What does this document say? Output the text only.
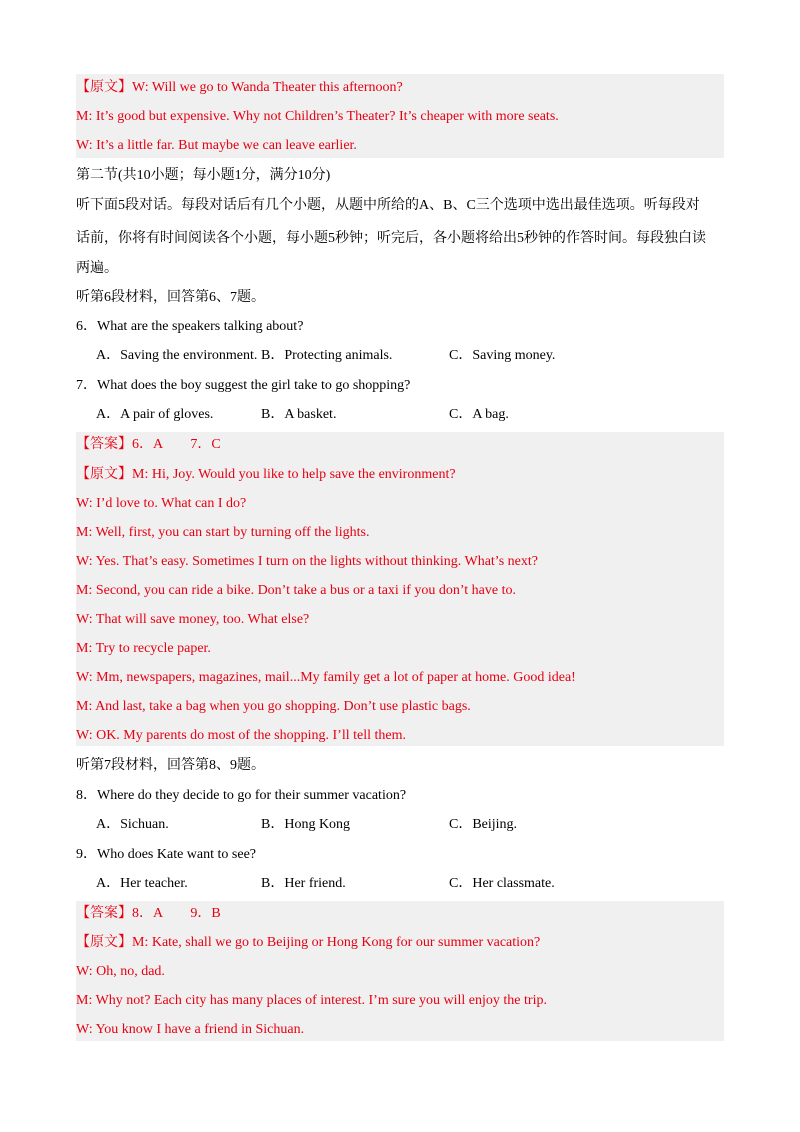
【原文】W: Will we go to Wanda Theater this afternoon?
M: It’s good but expensive. Why not Children’s Theater? It’s cheaper with more seats.
W: It’s a little far. But maybe we can leave earlier.
第二节(共10小题；每小题1分，满分10分)
听下面5段对话。每段对话后有几个小题，从题中所给的A、B、C三个选项中选出最佳选项。听每段对
话前，你将有时间阅读各个小题，每小题5秒钟；听完后，各小题将给出5秒钟的作答时间。每段独白读
两遍。
听第6段材料，回答第6、7题。
6．What are the speakers talking about?
A．Saving the environment. B．Protecting animals.	C．Saving money.
7．What does the boy suggest the girl take to go shopping?
A．A pair of gloves.	B．A basket.	C．A bag.
【答案】6．A　　7．C
【原文】M: Hi, Joy. Would you like to help save the environment?
W: I’d love to. What can I do?
M: Well, first, you can start by turning off the lights.
W: Yes. That’s easy. Sometimes I turn on the lights without thinking. What’s next?
M: Second, you can ride a bike. Don’t take a bus or a taxi if you don’t have to.
W: That will save money, too. What else?
M: Try to recycle paper.
W: Mm, newspapers, magazines, mail...My family get a lot of paper at home. Good idea!
M: And last, take a bag when you go shopping. Don’t use plastic bags.
W: OK. My parents do most of the shopping. I’ll tell them.
听第7段材料，回答第8、9题。
8．Where do they decide to go for their summer vacation?
A．Sichuan.	B．Hong Kong	C．Beijing.
9．Who does Kate want to see?
A．Her teacher.	B．Her friend.	C．Her classmate.
【答案】8．A　　9．B
【原文】M: Kate, shall we go to Beijing or Hong Kong for our summer vacation?
W: Oh, no, dad.
M: Why not? Each city has many places of interest. I’m sure you will enjoy the trip.
W: You know I have a friend in Sichuan.
